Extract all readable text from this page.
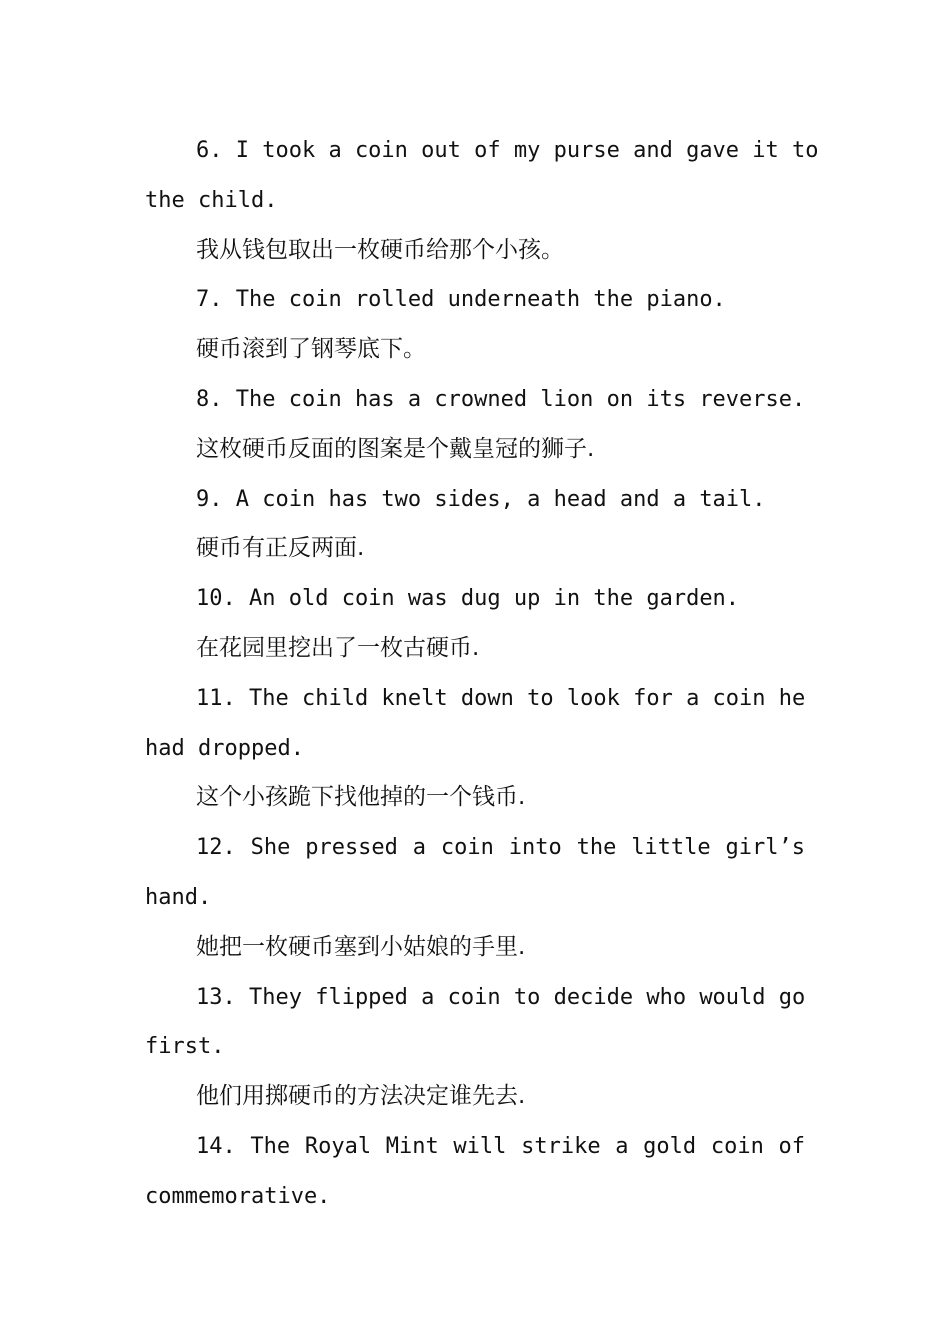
6. I took a coin out of my purse and gave it to
the child.
我从钱包取出一枚硬币给那个小孩。
7. The coin rolled underneath the piano.
硬币滚到了钢琴底下。
8. The coin has a crowned lion on its reverse.
这枚硬币反面的图案是个戴皇冠的狮子.
9. A coin has two sides, a head and a tail.
硬币有正反两面.
10. An old coin was dug up in the garden.
在花园里挖出了一枚古硬币.
11. The child knelt down to look for a coin he
had dropped.
这个小孩跪下找他掉的一个钱币.
12. She pressed a coin into the little girl’s
hand.
她把一枚硬币塞到小姑娘的手里.
13. They flipped a coin to decide who would go
first.
他们用掷硬币的方法决定谁先去.
14. The Royal Mint will strike a gold coin of
commemorative.
